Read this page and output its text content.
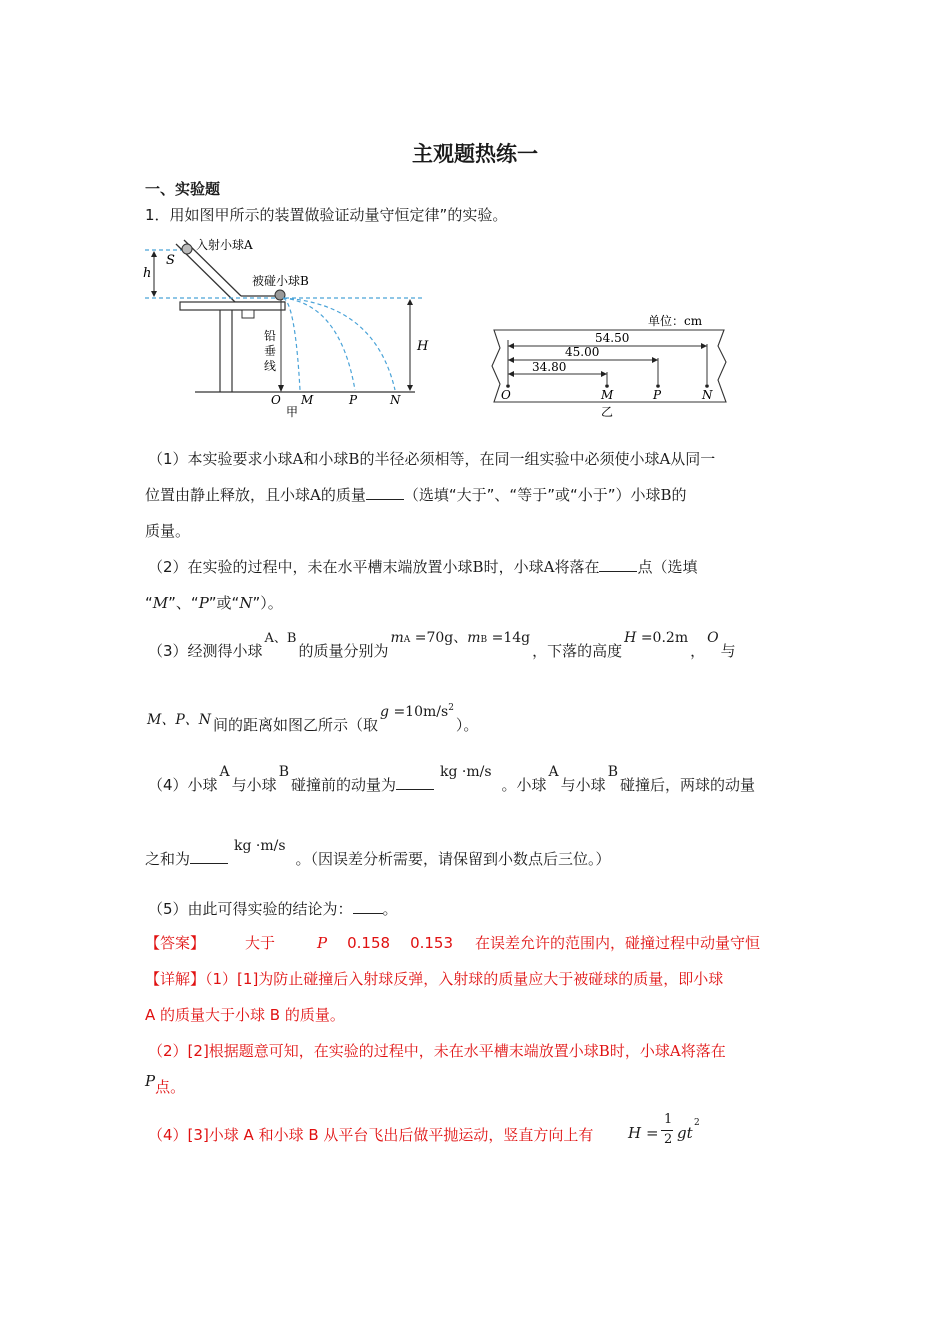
主观题热练一
一、实验题
1．用如图甲所示的装置做验证动量守恒定律”的实验。
h
入射小球A
S
被碰小球B
铅
垂
线
H
O M	P	N
甲
单位：cm
54.50
45.00
34.80
O	M	P	N
乙
（1）本实验要求小球A和小球B的半径必须相等，在同一组实验中必须使小球A从同一
位置由静止释放，且小球A的质量	（选填“大于”、“等于”或“小于”）小球B的
质量。
（2）在实验的过程中，未在水平槽末端放置小球B时，小球A将落在	点（选填
“M”、“P”或“N”）。
（3）经测得小球A、B的质量分别为mA =70g、mB =14g，下落的高度H =0.2m，O与
M、P、N 间的距离如图乙所示（取$g =10m/s^2$）。
（4）小球A与小球B碰撞前的动量为kg ·m/s。小球A与小球B碰撞后，两球的动量
之和为kg ·m/s。（因误差分析需要，请保留到小数点后三位。）
（5）由此可得实验的结论为： 。
【答案】	大于	P 0.158 0.153 在误差允许的范围内，碰撞过程中动量守恒
【详解】（1）[1]为防止碰撞后入射球反弹，入射球的质量应大于被碰球的质量，即小球
A 的质量大于小球 B 的质量。
（2）[2]根据题意可知，在实验的过程中，未在水平槽末端放置小球B时，小球A将落在
P点。
（4）[3]小球 A 和小球 B 从平台飞出后做平抛运动，竖直方向上有 H =
1
2 gt
2
